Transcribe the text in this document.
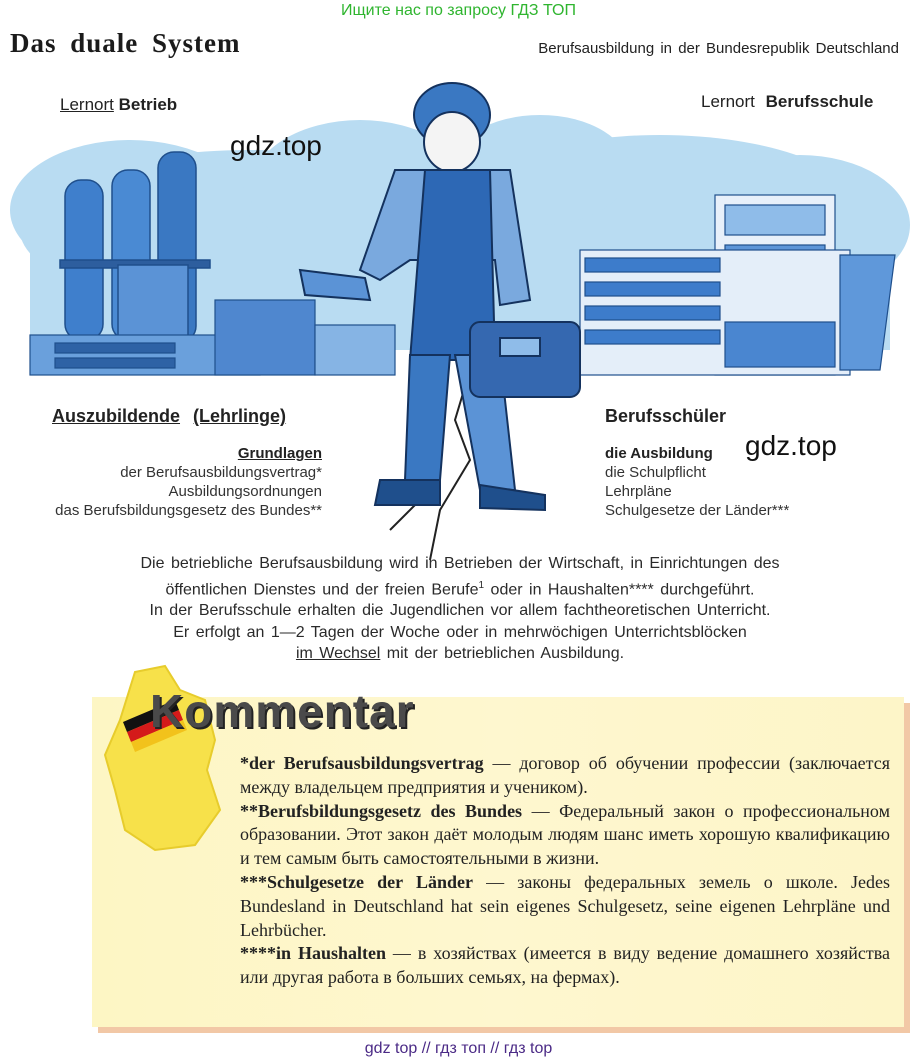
Ищите нас по запросу ГДЗ ТОП
Das duale System	Berufsausbildung in der Bundesrepublik Deutschland
Lernort Betrieb	Lernort Berufsschule
gdz.top
gdz.top
Auszubildende (Lehrlinge)
Grundlagen
der Berufsausbildungsvertrag*
Ausbildungsordnungen
das Berufsbildungsgesetz des Bundes**
Berufsschüler
die Ausbildung
die Schulpflicht
Lehrpläne
Schulgesetze der Länder***
Die betriebliche Berufsausbildung wird in Betrieben der Wirtschaft, in Einrichtungen des
öffentlichen Dienstes und der freien Berufe$^1$ oder in Haushalten**** durchgeführt.
In der Berufsschule erhalten die Jugendlichen vor allem fachtheoretischen Unterricht.
Er erfolgt an 1—2 Tagen der Woche oder in mehrwöchigen Unterrichtsblöcken
im Wechsel mit der betrieblichen Ausbildung.
Kommentar
*der Berufsausbildungsvertrag — договор об обучении профессии (заключается между владельцем предприятия и учеником).
**Berufsbildungsgesetz des Bundes — Федеральный закон о профессиональном образовании. Этот закон даёт молодым людям шанс иметь хорошую квалификацию и тем самым быть самостоятельными в жизни.
***Schulgesetze der Länder — законы федеральных земель о школе. Jedes Bundesland in Deutschland hat sein eigenes Schulgesetz, seine eigenen Lehrpläne und Lehrbücher.
****in Haushalten — в хозяйствах (имеется в виду ведение домашнего хозяйства или другая работа в больших семьях, на фермах).
gdz top // гдз топ // гдз top
